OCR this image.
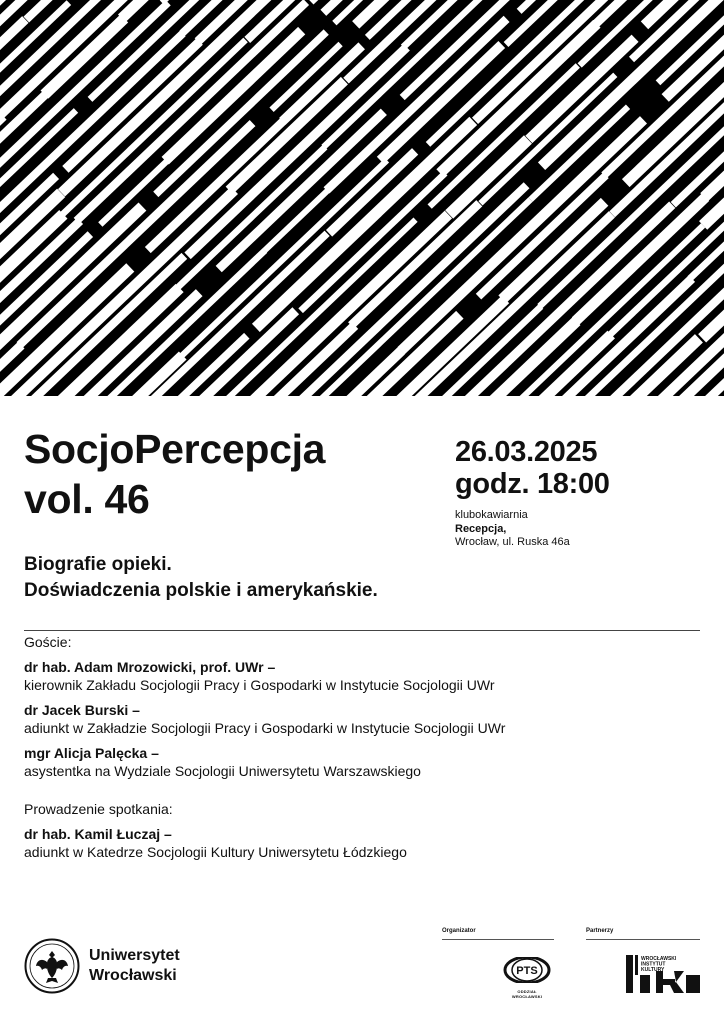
SocjoPercepcja
vol. 46
26.03.2025
godz. 18:00
klubokawiarnia
Recepcja,
Wrocław, ul. Ruska 46a
Biografie opieki.
Doświadczenia polskie i amerykańskie.
Goście:
dr hab. Adam Mrozowicki, prof. UWr –
kierownik Zakładu Socjologii Pracy i Gospodarki w Instytucie Socjologii UWr
dr Jacek Burski –
adiunkt w Zakładzie Socjologii Pracy i Gospodarki w Instytucie Socjologii UWr
mgr Alicja Palęcka –
asystentka na Wydziale Socjologii Uniwersytetu Warszawskiego
Prowadzenie spotkania:
dr hab. Kamil Łuczaj –
adiunkt w Katedrze Socjologii Kultury Uniwersytetu Łódzkiego
Uniwersytet
Wrocławski
Organizator	Partnerzy
PTS
ODDZIAŁ WROCŁAWSKI
WROCŁAWSKI
INSTYTUT
KULTURY
